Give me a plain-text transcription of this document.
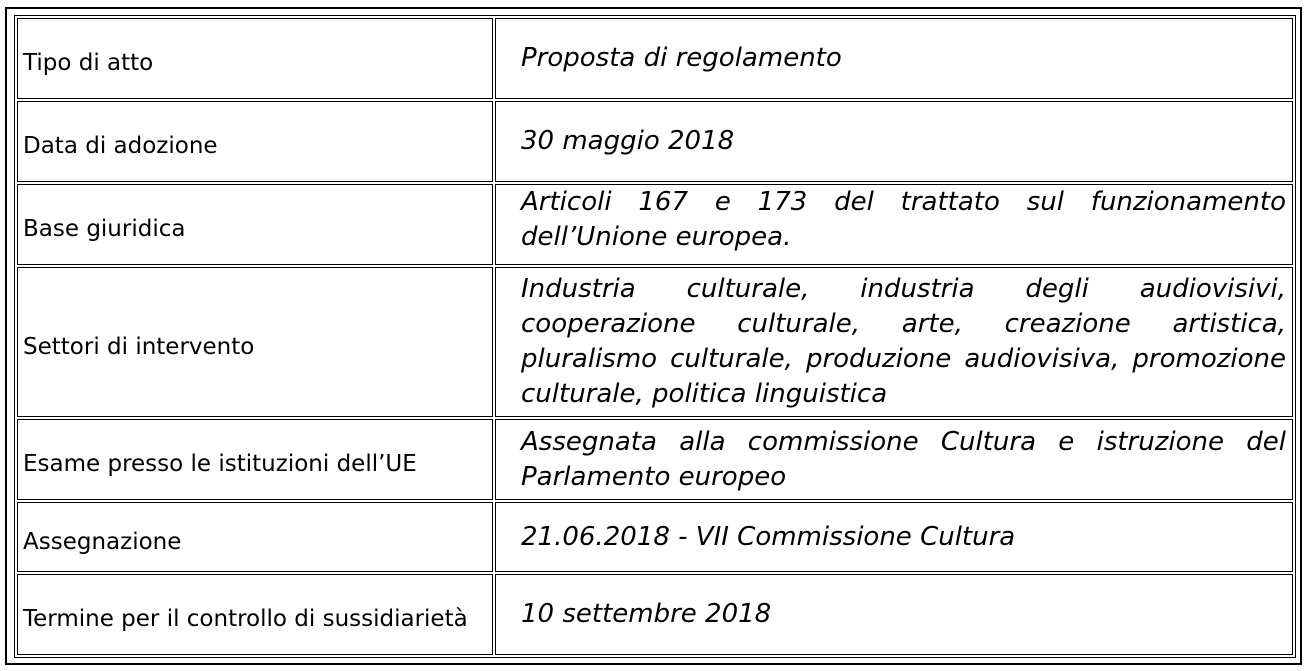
Tipo di atto	Proposta di regolamento
Data di adozione	30 maggio 2018
Base giuridica	Articoli 167 e 173 del trattato sul funzionamento dell’Unione europea.
Settori di intervento	Industria culturale, industria degli audiovisivi, cooperazione culturale, arte, creazione artistica, pluralismo culturale, produzione audiovisiva, promozione culturale, politica linguistica
Esame presso le istituzioni dell’UE	Assegnata alla commissione Cultura e istruzione del Parlamento europeo
Assegnazione	21.06.2018 - VII Commissione Cultura
Termine per il controllo di sussidiarietà	10 settembre 2018
